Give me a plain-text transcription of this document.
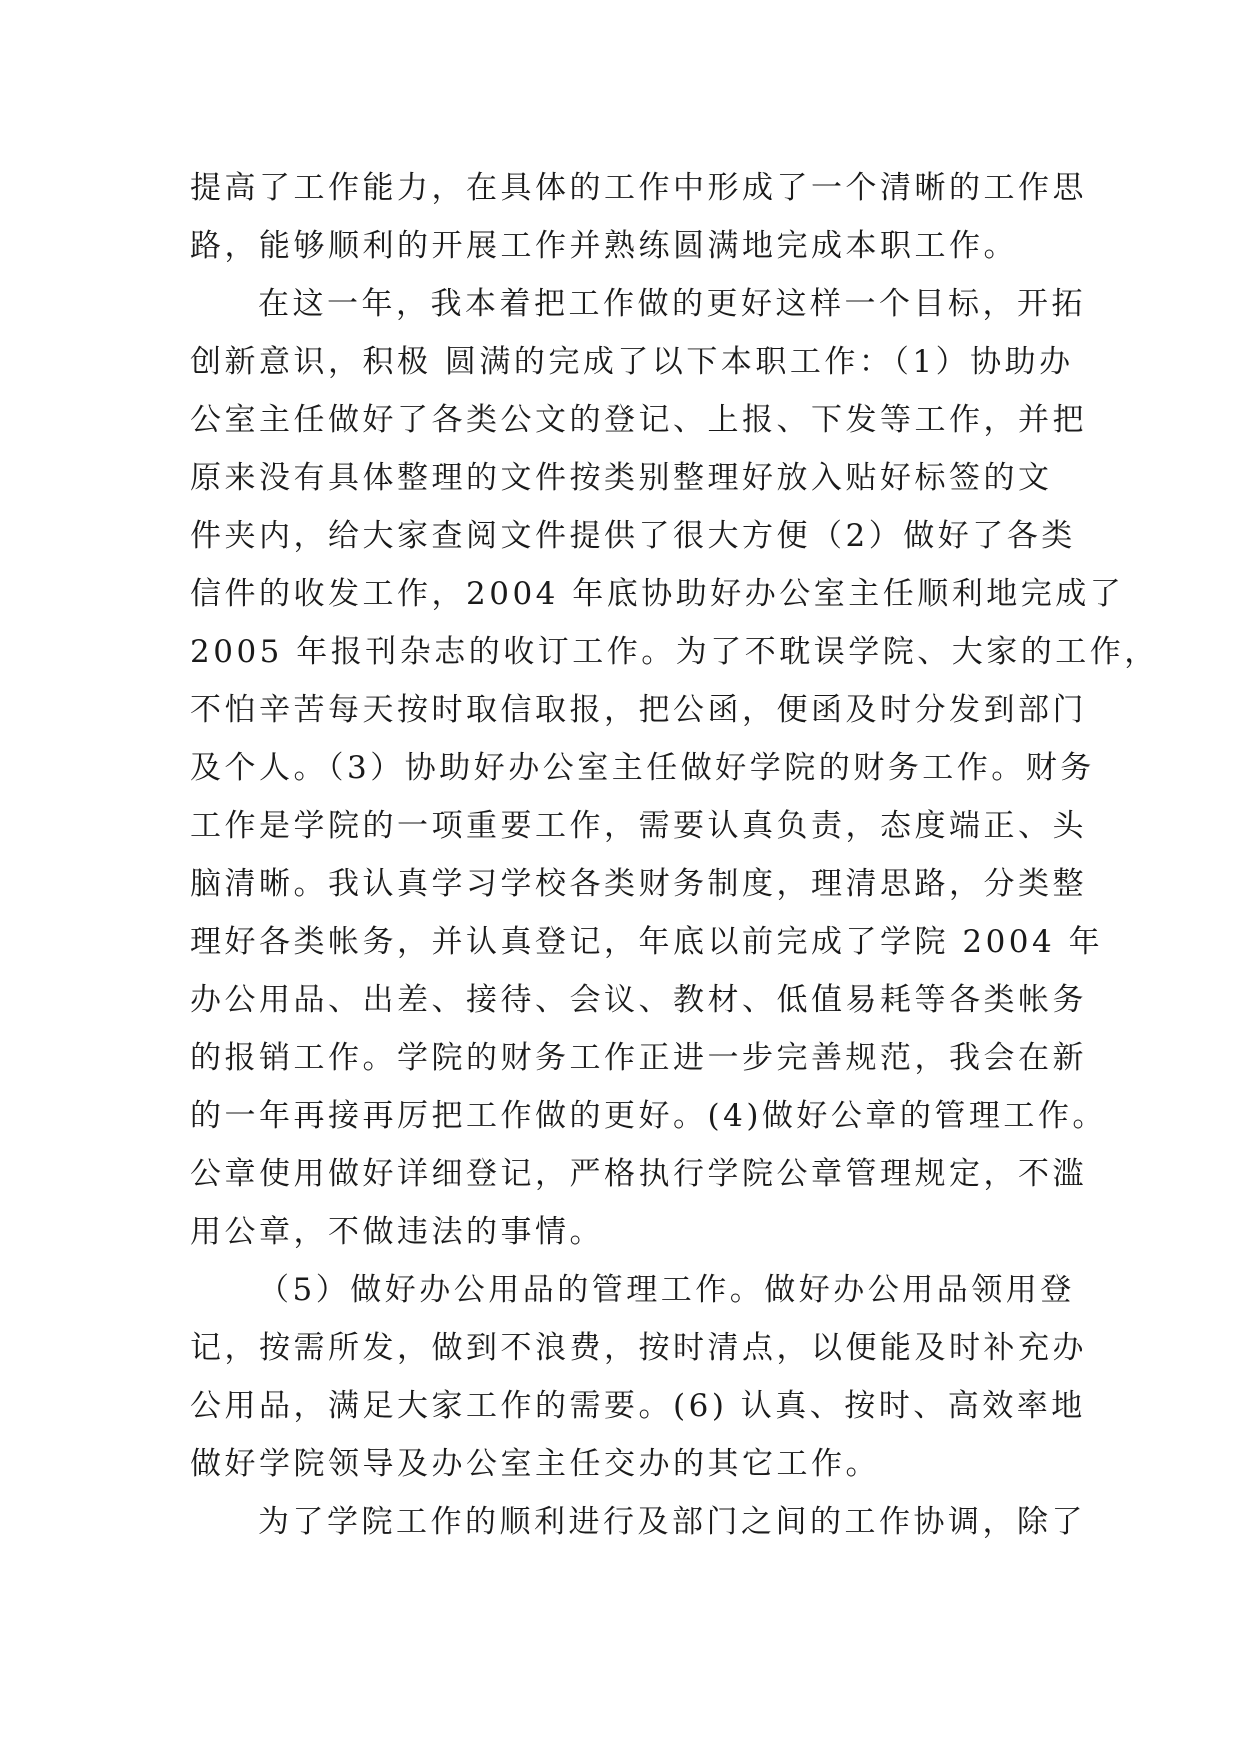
提高了工作能力，在具体的工作中形成了一个清晰的工作思
路，能够顺利的开展工作并熟练圆满地完成本职工作。
在这一年，我本着把工作做的更好这样一个目标，开拓
创新意识，积极 圆满的完成了以下本职工作：（1）协助办
公室主任做好了各类公文的登记、上报、下发等工作，并把
原来没有具体整理的文件按类别整理好放入贴好标签的文
件夹内，给大家查阅文件提供了很大方便（2）做好了各类
信件的收发工作，2004 年底协助好办公室主任顺利地完成了
2005 年报刊杂志的收订工作。为了不耽误学院、大家的工作，
不怕辛苦每天按时取信取报，把公函，便函及时分发到部门
及个人。（3）协助好办公室主任做好学院的财务工作。财务
工作是学院的一项重要工作，需要认真负责，态度端正、头
脑清晰。我认真学习学校各类财务制度，理清思路，分类整
理好各类帐务，并认真登记，年底以前完成了学院 2004 年
办公用品、出差、接待、会议、教材、低值易耗等各类帐务
的报销工作。学院的财务工作正进一步完善规范，我会在新
的一年再接再厉把工作做的更好。(4)做好公章的管理工作。
公章使用做好详细登记，严格执行学院公章管理规定，不滥
用公章，不做违法的事情。
（5）做好办公用品的管理工作。做好办公用品领用登
记，按需所发，做到不浪费，按时清点，以便能及时补充办
公用品，满足大家工作的需要。(6) 认真、按时、高效率地
做好学院领导及办公室主任交办的其它工作。
为了学院工作的顺利进行及部门之间的工作协调，除了
